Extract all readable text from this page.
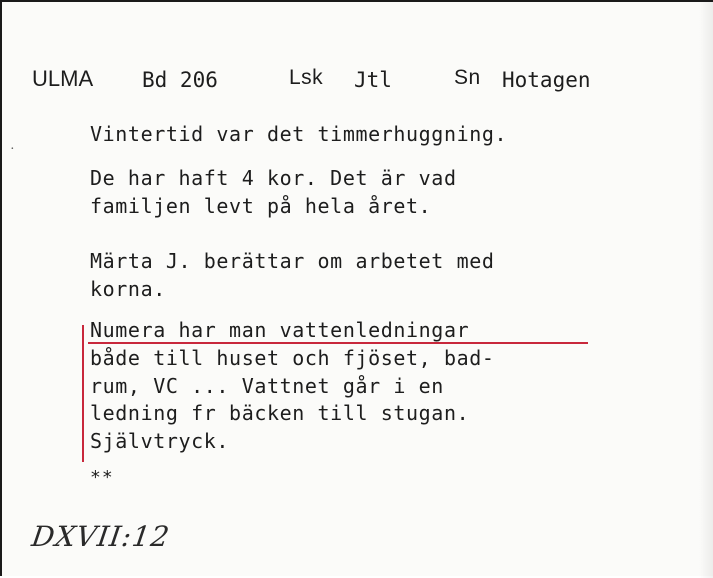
ULMA Bd 206	Lsk Jtl	Sn Hotagen
·
Vintertid var det timmerhuggning.
De har haft 4 kor. Det är vad
familjen levt på hela året.
Märta J. berättar om arbetet med
korna.
Numera har man vattenledningar
både till huset och fjöset, bad-
rum, VC ... Vattnet går i en
ledning fr bäcken till stugan.
Självtryck.
**
DXVII:12
